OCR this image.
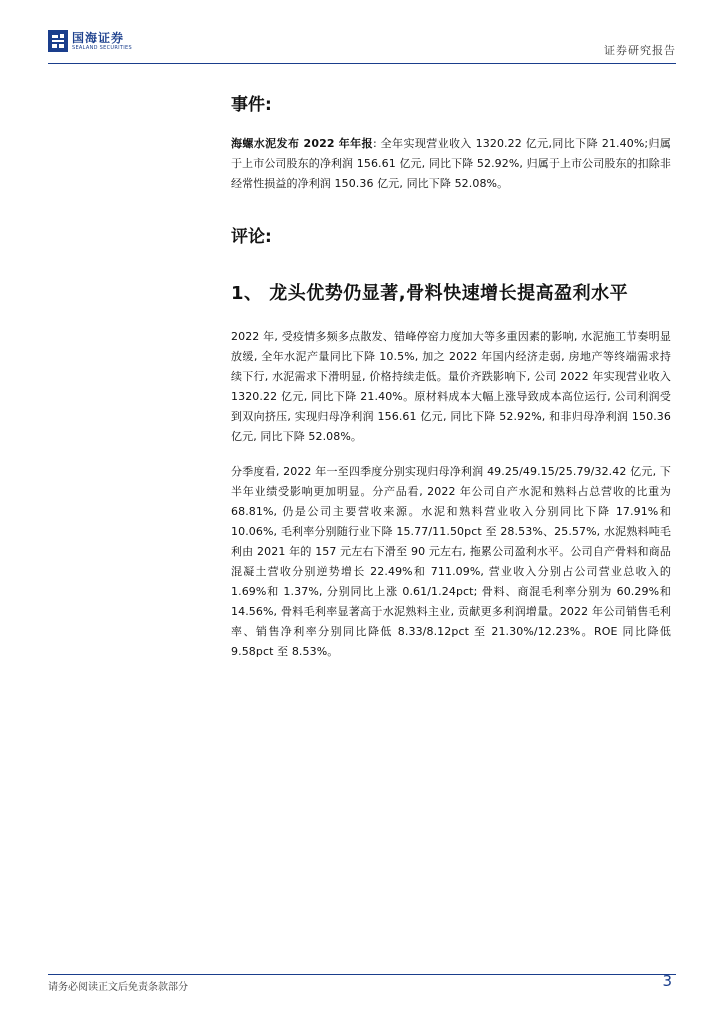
国海证券
SEALAND SECURITIES	证券研究报告
事件:

海螺水泥发布 2022 年年报: 全年实现营业收入 1320.22 亿元,同比下降 21.40%;归属于上市公司股东的净利润 156.61 亿元, 同比下降 52.92%, 归属于上市公司股东的扣除非经常性损益的净利润 150.36 亿元, 同比下降 52.08%。

评论:
1、 龙头优势仍显著,骨料快速增长提高盈利水平

2022 年, 受疫情多频多点散发、错峰停窑力度加大等多重因素的影响, 水泥施工节奏明显放缓, 全年水泥产量同比下降 10.5%, 加之 2022 年国内经济走弱, 房地产等终端需求持续下行, 水泥需求下滑明显, 价格持续走低。量价齐跌影响下, 公司 2022 年实现营业收入 1320.22 亿元, 同比下降 21.40%。原材料成本大幅上涨导致成本高位运行, 公司利润受到双向挤压, 实现归母净利润 156.61 亿元, 同比下降 52.92%, 和非归母净利润 150.36 亿元, 同比下降 52.08%。

分季度看, 2022 年一至四季度分别实现归母净利润 49.25/49.15/25.79/32.42 亿元, 下半年业绩受影响更加明显。分产品看, 2022 年公司自产水泥和熟料占总营收的比重为 68.81%, 仍是公司主要营收来源。水泥和熟料营业收入分别同比下降 17.91%和 10.06%, 毛利率分别随行业下降 15.77/11.50pct 至 28.53%、25.57%, 水泥熟料吨毛利由 2021 年的 157 元左右下滑至 90 元左右, 拖累公司盈利水平。公司自产骨料和商品混凝土营收分别逆势增长 22.49%和 711.09%, 营业收入分别占公司营业总收入的 1.69%和 1.37%, 分别同比上涨 0.61/1.24pct; 骨料、商混毛利率分别为 60.29%和 14.56%, 骨料毛利率显著高于水泥熟料主业, 贡献更多利润增量。2022 年公司销售毛利率、销售净利率分别同比降低 8.33/8.12pct 至 21.30%/12.23%。ROE 同比降低 9.58pct 至 8.53%。

请务必阅读正文后免责条款部分	3
